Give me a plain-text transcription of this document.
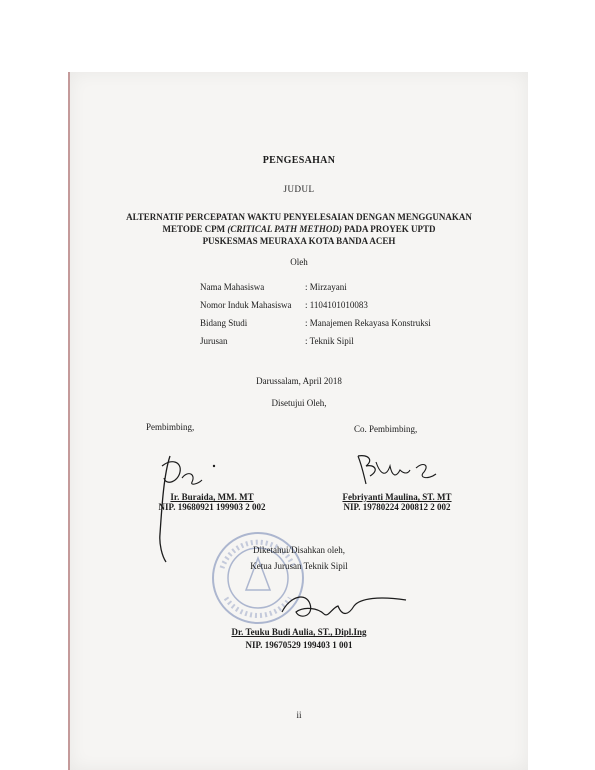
PENGESAHAN
JUDUL
ALTERNATIF PERCEPATAN WAKTU PENYELESAIAN DENGAN MENGGUNAKAN
METODE CPM (CRITICAL PATH METHOD) PADA PROYEK UPTD
PUSKESMAS MEURAXA KOTA BANDA ACEH
Oleh
Nama Mahasiswa	: Mirzayani
Nomor Induk Mahasiswa	: 1104101010083
Bidang Studi	: Manajemen Rekayasa Konstruksi
Jurusan	: Teknik Sipil
Darussalam, April 2018
Disetujui Oleh,
Pembimbing,	Co. Pembimbing,
Ir. Buraida, MM. MT
NIP. 19680921 199903 2 002
Febriyanti Maulina, ST. MT
NIP. 19780224 200812 2 002
Diketahui/Disahkan oleh,
Ketua Jurusan Teknik Sipil
Dr. Teuku Budi Aulia, ST., Dipl.Ing
NIP. 19670529 199403 1 001
ii
